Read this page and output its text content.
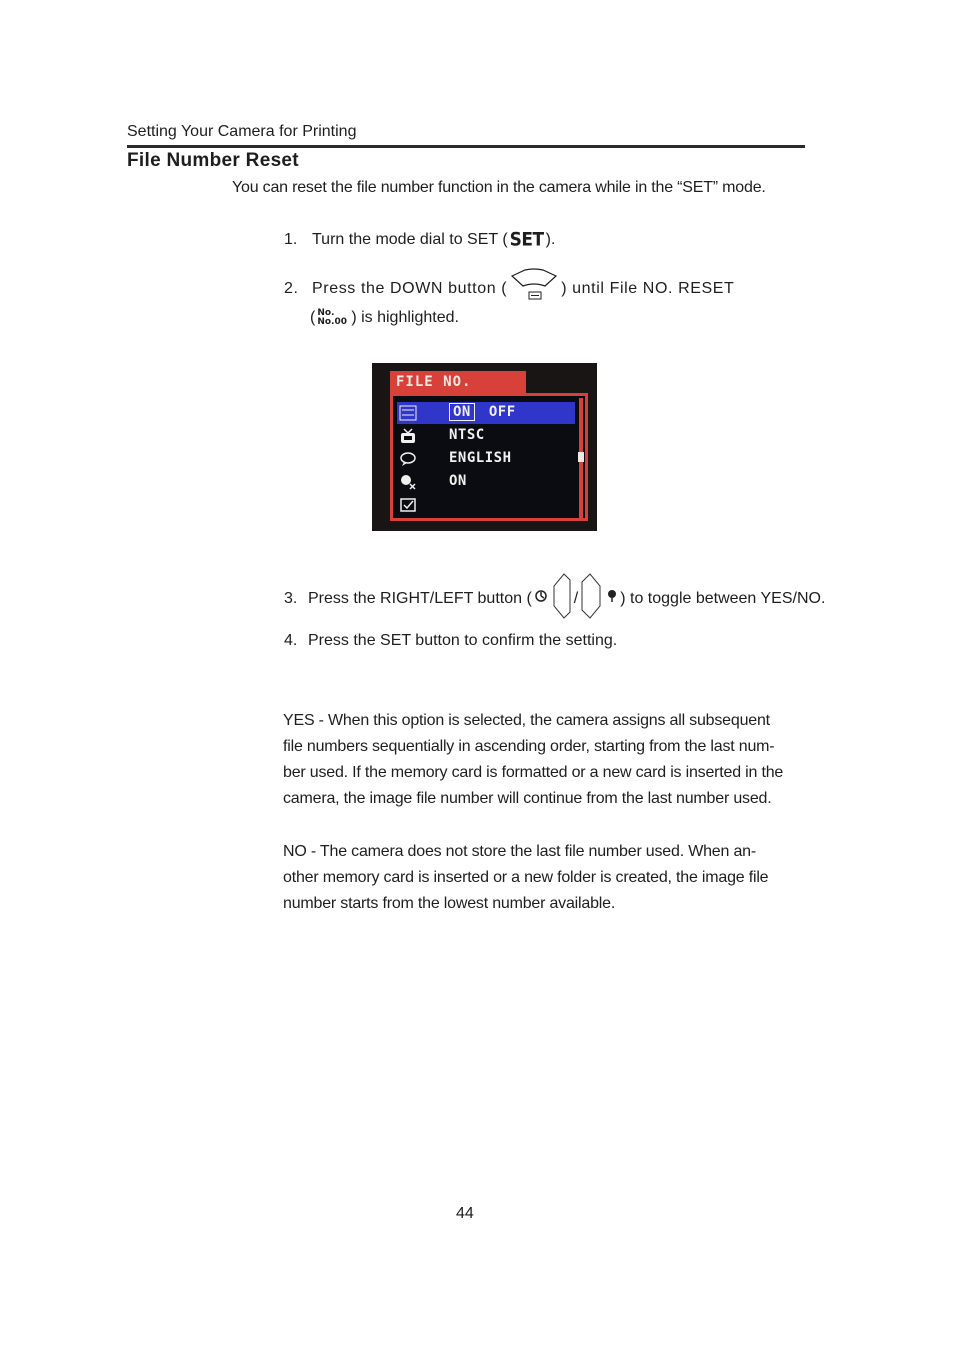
Setting Your Camera for Printing
File Number Reset
You can reset the file number function in the camera while in the “SET” mode.
1. Turn the mode dial to SET ( SET ).
2. Press the DOWN button (	) until File NO. RESET
( No.
No.00 ) is highlighted.
FILE NO.
ON OFF
NTSC
ENGLISH
ON
3. Press the RIGHT/LEFT button (	/	) to toggle between YES/NO.
4. Press the SET button to confirm the setting.
YES - When this option is selected, the camera assigns all subsequent
file numbers sequentially in ascending order, starting from the last num-
ber used. If the memory card is formatted or a new card is inserted in the
camera, the image file number will continue from the last number used.
NO - The camera does not store the last file number used. When an-
other memory card is inserted or a new folder is created, the image file
number starts from the lowest number available.
44
